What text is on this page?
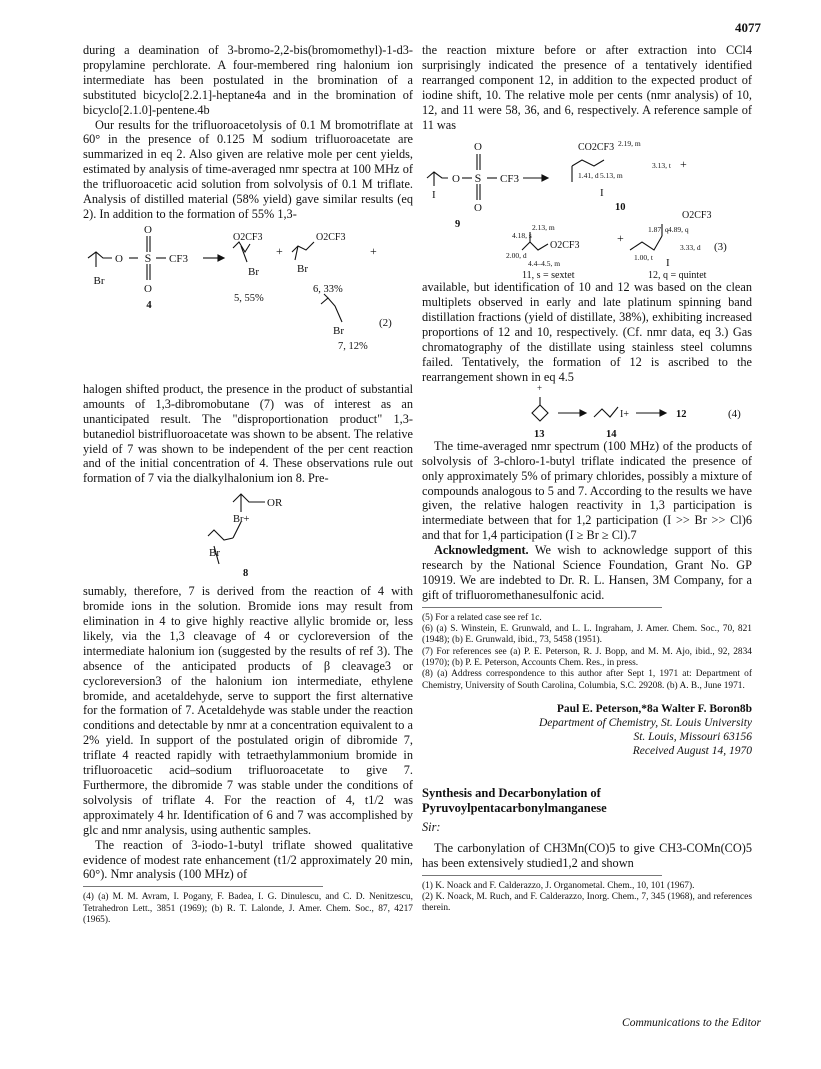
4077

during a deamination of 3-bromo-2,2-bis(bromomethyl)-1-d3-propylamine perchlorate. A four-membered ring halonium ion intermediate has been postulated in the bromination of a substituted bicyclo[2.2.1]-heptane4a and in the bromination of bicyclo[2.1.0]-pentene.4b

Our results for the trifluoroacetolysis of 0.1 M bromotriflate at 60° in the presence of 0.125 M sodium trifluoroacetate are summarized in eq 2. Also given are relative mole per cent yields, estimated by analysis of time-averaged nmr spectra at 100 MHz of the trifluoroacetic acid solution from solvolysis of 0.1 M triflate. Analysis of distilled material (58% yield) gave similar results (eq 2). In addition to the formation of 55% 1,3-

Br
O
O
S
O
CF3
4
O2CF3
Br
5, 55%
+
O2CF3
Br
6, 33%
+
Br
(2)
7, 12%

halogen shifted product, the presence in the product of substantial amounts of 1,3-dibromobutane (7) was of interest as an unanticipated result. The "disproportionation product" 1,3-butanediol bistrifluoroacetate was shown to be absent. The relative yield of 7 was shown to be independent of the per cent reaction and of the initial concentration of 4. These observations rule out formation of 7 via the dialkylhalonium ion 8. Pre-

OR
Br+
Br
8

sumably, therefore, 7 is derived from the reaction of 4 with bromide ions in the solution. Bromide ions may result from elimination in 4 to give highly reactive allylic bromide or, less likely, via the 1,3 cleavage of 4 or cycloreversion of the intermediate halonium ion (suggested by the results of ref 3). The absence of the anticipated products of β cleavage3 or cycloreversion3 of the halonium ion intermediate, ethylene bromide, and acetaldehyde, serve to support the first alternative for the formation of 7. Acetaldehyde was stable under the reaction conditions and detectable by nmr at a concentration equivalent to a 2% yield. In support of the postulated origin of dibromide 7, triflate 4 reacted rapidly with tetraethylammonium bromide in trifluoroacetic acid–sodium trifluoroacetate to give 7. Furthermore, the dibromide 7 was stable under the conditions of solvolysis of triflate 4. For the reaction of 4, t1/2 was approximately 4 hr. Identification of 6 and 7 was accomplished by glc and nmr analysis, using authentic samples.

The reaction of 3-iodo-1-butyl triflate showed qualitative evidence of modest rate enhancement (t1/2 approximately 20 min, 60°). Nmr analysis (100 MHz) of

(4) (a) M. M. Avram, I. Pogany, F. Badea, I. G. Dinulescu, and C. D. Nenitzescu, Tetrahedron Lett., 3851 (1969); (b) R. T. Lalonde, J. Amer. Chem. Soc., 87, 4217 (1965).

the reaction mixture before or after extraction into CCl4 surprisingly indicated the presence of a tentatively identified rearranged component 12, in addition to the expected product of iodine shift, 10. The relative mole per cents (nmr analysis) of 10, 12, and 11 were 58, 36, and 6, respectively. A reference sample of 11 was

I
O
O
S
O
CF3
9
CO2CF3 2.19, m
1.41, d 5.13, m
3.13, t +
I
10
2.13, m
4.18, s
2.00, d
O2CF3
4.4–4.5, m
11, s = sextet
+
O2CF3
1.87, q 4.89, q
1.00, t
3.33, d
I
(3)
12, q = quintet

available, but identification of 10 and 12 was based on the clean multiplets observed in early and late platinum spinning band distillation fractions (yield of distillate, 38%), exhibiting increased proportions of 12 and 10, respectively. (Cf. nmr data, eq 3.) Gas chromatography of the distillate using stainless steel columns failed. Tentatively, the formation of 12 is ascribed to the rearrangement shown in eq 4.5

+
I+	12
13	14
(4)

The time-averaged nmr spectrum (100 MHz) of the products of solvolysis of 3-chloro-1-butyl triflate indicated the presence of only approximately 5% of primary chlorides, possibly a mixture of compounds analogous to 5 and 7. According to the results we have given, the relative halogen reactivity in 1,3 participation is intermediate between that for 1,2 participation (I >> Br >> Cl)6 and that for 1,4 participation (I ≥ Br ≥ Cl).7

Acknowledgment. We wish to acknowledge support of this research by the National Science Foundation, Grant No. GP 10919. We are indebted to Dr. R. L. Hansen, 3M Company, for a gift of trifluoromethanesulfonic acid.

(5) For a related case see ref 1c.

(6) (a) S. Winstein, E. Grunwald, and L. L. Ingraham, J. Amer. Chem. Soc., 70, 821 (1948); (b) E. Grunwald, ibid., 73, 5458 (1951).

(7) For references see (a) P. E. Peterson, R. J. Bopp, and M. M. Ajo, ibid., 92, 2834 (1970); (b) P. E. Peterson, Accounts Chem. Res., in press.

(8) (a) Address correspondence to this author after Sept 1, 1971 at: Department of Chemistry, University of South Carolina, Columbia, S.C. 29208. (b) A. B., June 1971.

Paul E. Peterson,*8a Walter F. Boron8b
Department of Chemistry, St. Louis University
St. Louis, Missouri 63156
Received August 14, 1970
Synthesis and Decarbonylation of
Pyruvoylpentacarbonylmanganese

Sir:

The carbonylation of CH3Mn(CO)5 to give CH3-COMn(CO)5 has been extensively studied1,2 and shown

(1) K. Noack and F. Calderazzo, J. Organometal. Chem., 10, 101 (1967).

(2) K. Noack, M. Ruch, and F. Calderazzo, Inorg. Chem., 7, 345 (1968), and references therein.

Communications to the Editor
